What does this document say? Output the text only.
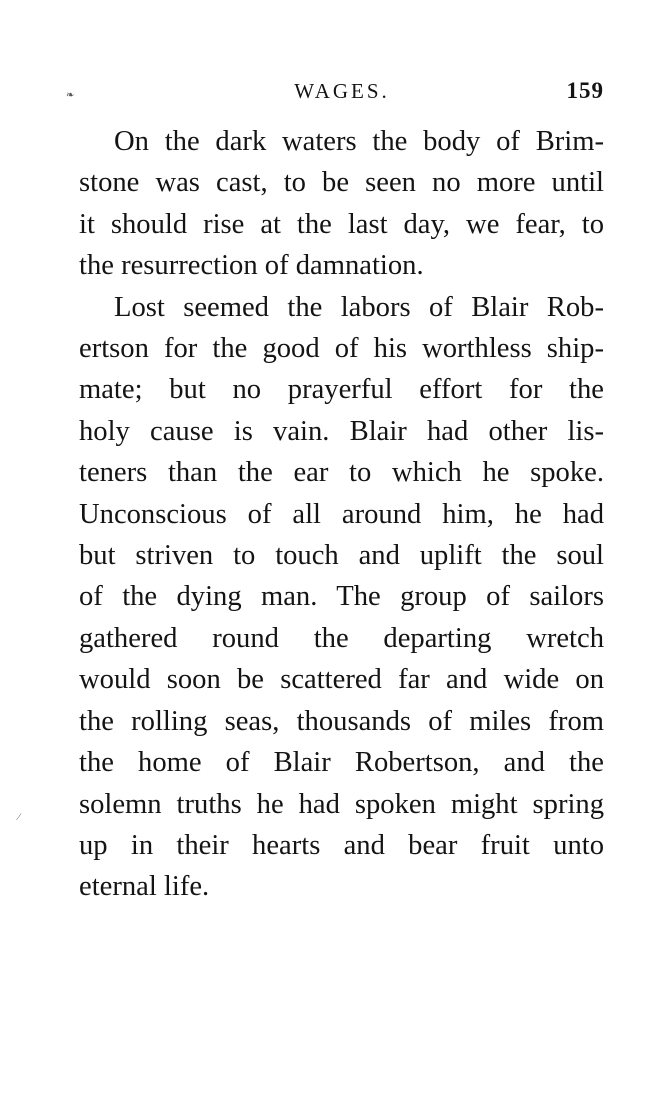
❧
∕
WAGES.	159
On the dark waters the body of Brim-
stone was cast, to be seen no more until
it should rise at the last day, we fear, to
the resurrection of damnation.
Lost seemed the labors of Blair Rob-
ertson for the good of his worthless ship-
mate; but no prayerful effort for the
holy cause is vain. Blair had other lis-
teners than the ear to which he spoke.
Unconscious of all around him, he had
but striven to touch and uplift the soul
of the dying man. The group of sailors
gathered round the departing wretch
would soon be scattered far and wide on
the rolling seas, thousands of miles from
the home of Blair Robertson, and the
solemn truths he had spoken might spring
up in their hearts and bear fruit unto
eternal life.
